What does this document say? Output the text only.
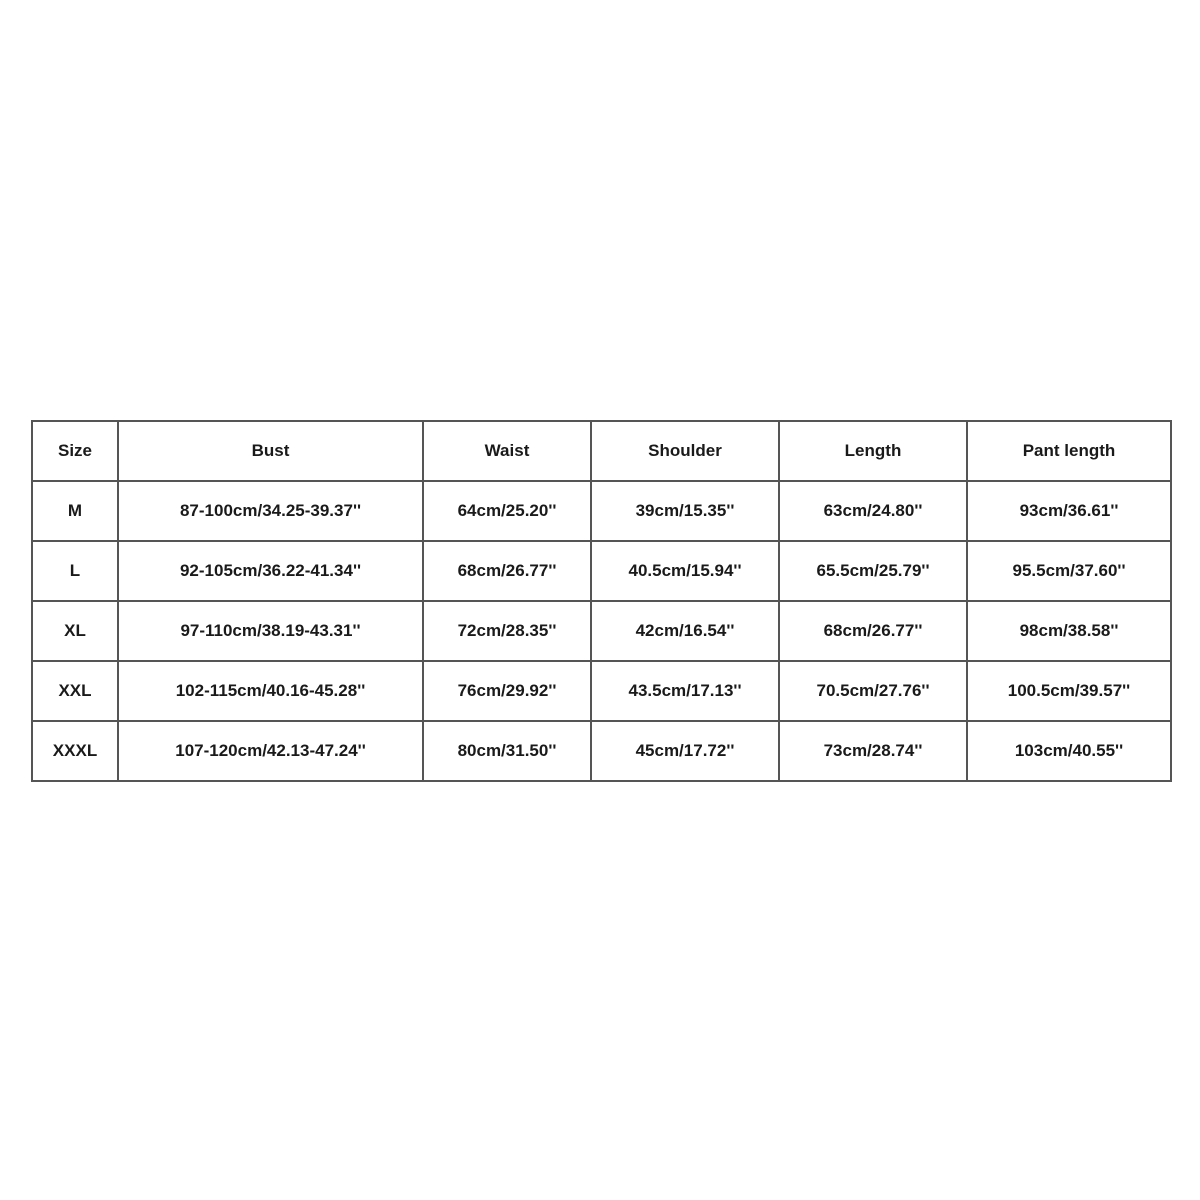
Size	Bust	Waist	Shoulder	Length	Pant length
M	87-100cm/34.25-39.37''	64cm/25.20''	39cm/15.35''	63cm/24.80''	93cm/36.61''
L	92-105cm/36.22-41.34''	68cm/26.77''	40.5cm/15.94''	65.5cm/25.79''	95.5cm/37.60''
XL	97-110cm/38.19-43.31''	72cm/28.35''	42cm/16.54''	68cm/26.77''	98cm/38.58''
XXL	102-115cm/40.16-45.28''	76cm/29.92''	43.5cm/17.13''	70.5cm/27.76''	100.5cm/39.57''
XXXL	107-120cm/42.13-47.24''	80cm/31.50''	45cm/17.72''	73cm/28.74''	103cm/40.55''
